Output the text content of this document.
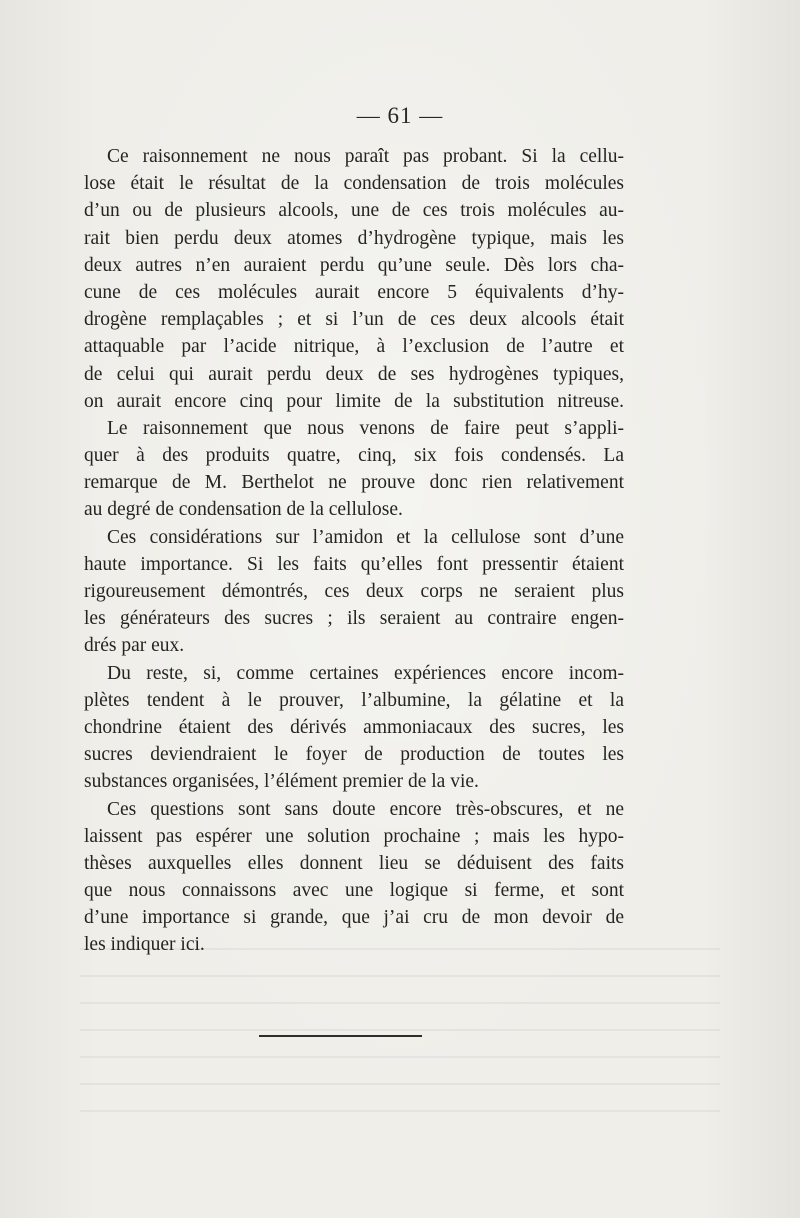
— 61 —
Ce raisonnement ne nous paraît pas probant. Si la cellu-
lose était le résultat de la condensation de trois molécules
d’un ou de plusieurs alcools, une de ces trois molécules au-
rait bien perdu deux atomes d’hydrogène typique, mais les
deux autres n’en auraient perdu qu’une seule. Dès lors cha-
cune de ces molécules aurait encore 5 équivalents d’hy-
drogène remplaçables ; et si l’un de ces deux alcools était
attaquable par l’acide nitrique, à l’exclusion de l’autre et
de celui qui aurait perdu deux de ses hydrogènes typiques,
on aurait encore cinq pour limite de la substitution nitreuse.
Le raisonnement que nous venons de faire peut s’appli-
quer à des produits quatre, cinq, six fois condensés. La
remarque de M. Berthelot ne prouve donc rien relativement
au degré de condensation de la cellulose.
Ces considérations sur l’amidon et la cellulose sont d’une
haute importance. Si les faits qu’elles font pressentir étaient
rigoureusement démontrés, ces deux corps ne seraient plus
les générateurs des sucres ; ils seraient au contraire engen-
drés par eux.
Du reste, si, comme certaines expériences encore incom-
plètes tendent à le prouver, l’albumine, la gélatine et la
chondrine étaient des dérivés ammoniacaux des sucres, les
sucres deviendraient le foyer de production de toutes les
substances organisées, l’élément premier de la vie.
Ces questions sont sans doute encore très-obscures, et ne
laissent pas espérer une solution prochaine ; mais les hypo-
thèses auxquelles elles donnent lieu se déduisent des faits
que nous connaissons avec une logique si ferme, et sont
d’une importance si grande, que j’ai cru de mon devoir de
les indiquer ici.
